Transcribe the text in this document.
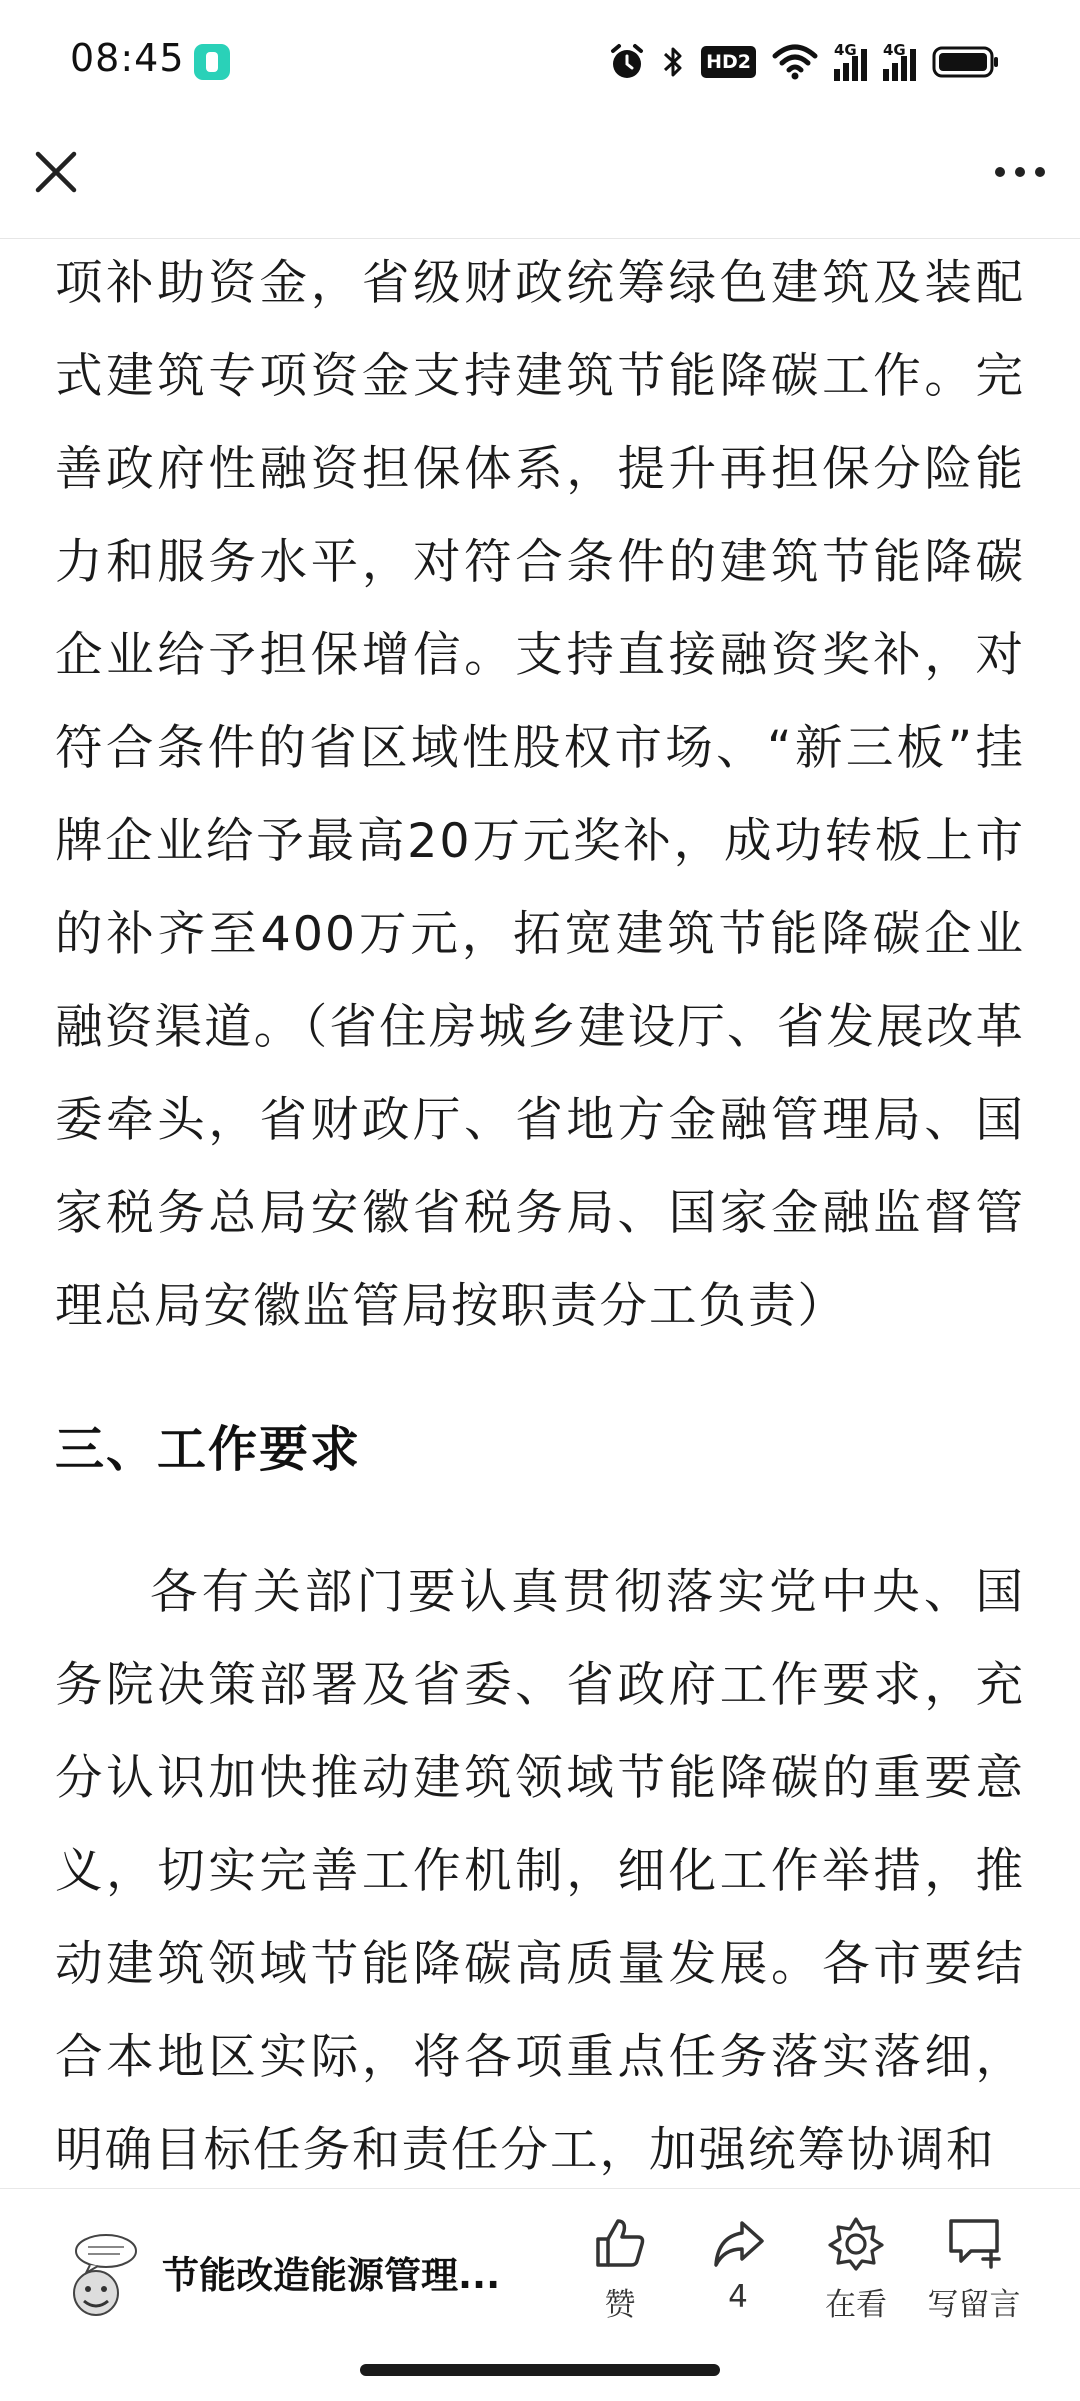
08:45	HD2
4G 4G

项补助资金，省级财政统筹绿色建筑及装配式建筑专项资金支持建筑节能降碳工作。完善政府性融资担保体系，提升再担保分险能力和服务水平，对符合条件的建筑节能降碳企业给予担保增信。支持直接融资奖补，对符合条件的省区域性股权市场、“新三板”挂牌企业给予最高20万元奖补，成功转板上市的补齐至400万元，拓宽建筑节能降碳企业融资渠道。（省住房城乡建设厅、省发展改革委牵头，省财政厅、省地方金融管理局、国家税务总局安徽省税务局、国家金融监督管理总局安徽监管局按职责分工负责）

三、工作要求

各有关部门要认真贯彻落实党中央、国务院决策部署及省委、省政府工作要求，充分认识加快推动建筑领域节能降碳的重要意义，切实完善工作机制，细化工作举措，推动建筑领域节能降碳高质量发展。各市要结合本地区实际，将各项重点任务落实落细，明确目标任务和责任分工，加强统筹协调和

节能改造能源管理...
赞	4	在看	写留言
